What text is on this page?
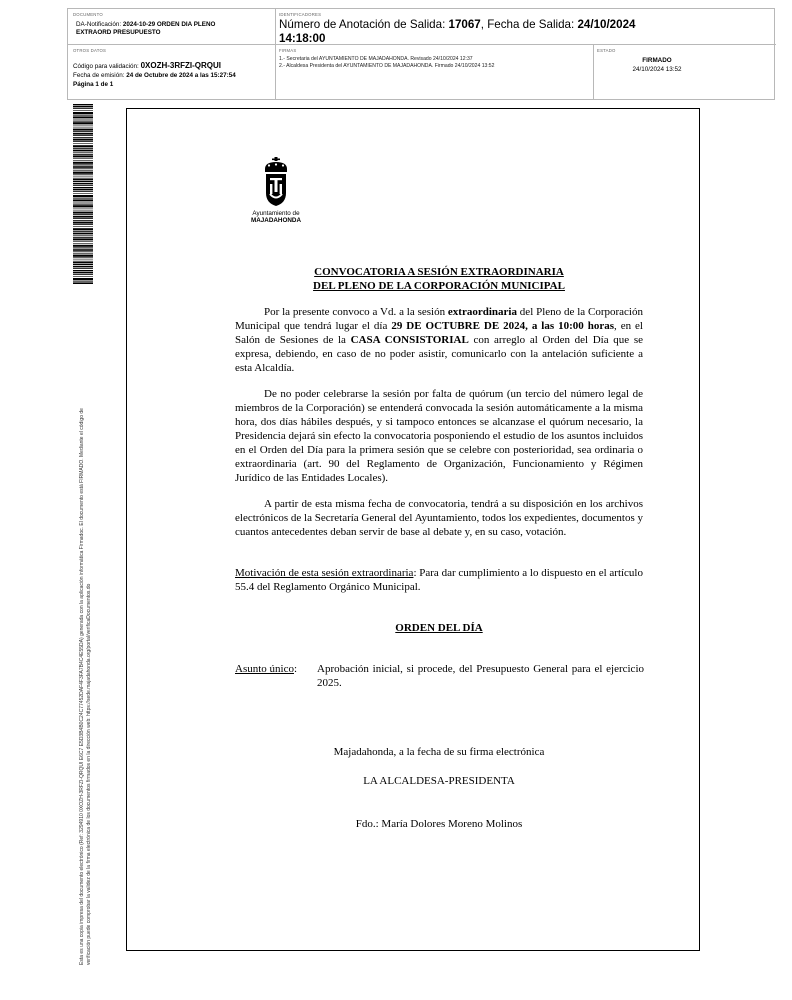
DOCUMENTO
DA-Notificación: 2024-10-29 ORDEN DIA PLENO EXTRAORD PRESUPUESTO
IDENTIFICADORES
Número de Anotación de Salida: 17067, Fecha de Salida: 24/10/2024 14:18:00
OTROS DATOS
Código para validación: 0XOZH-3RFZI-QRQUI
Fecha de emisión: 24 de Octubre de 2024 a las 15:27:54
Página 1 de 1
FIRMAS
1.- Secretaria del AYUNTAMIENTO DE MAJADAHONDA. Revisado 24/10/2024 12:37
2.- Alcaldesa Presidenta del AYUNTAMIENTO DE MAJADAHONDA. Firmado 24/10/2024 13:52
ESTADO
FIRMADO
24/10/2024 13:52
Esta es una copia impresa del documento electrónico (Ref: 3294910 0XOZH-3RFZI-QRQUI E6C7 E5D3B4B0C24C77452DAF4F3FA7B4C4E55DA) generada con la aplicación informática Firmadoc. El documento está FIRMADO. Mediante el código de verificación puede comprobar la validez de la firma electrónica de los documentos firmados en la dirección web: https://sede.majadahonda.org/portal/verificaDocumentos.do
Ayuntamiento de
MAJADAHONDA
CONVOCATORIA A SESIÓN EXTRAORDINARIA
DEL PLENO DE LA CORPORACIÓN MUNICIPAL

Por la presente convoco a Vd. a la sesión extraordinaria del Pleno de la Corporación Municipal que tendrá lugar el día 29 DE OCTUBRE DE 2024, a las 10:00 horas, en el Salón de Sesiones de la CASA CONSISTORIAL con arreglo al Orden del Día que se expresa, debiendo, en caso de no poder asistir, comunicarlo con la antelación suficiente a esta Alcaldía.

De no poder celebrarse la sesión por falta de quórum (un tercio del número legal de miembros de la Corporación) se entenderá convocada la sesión automáticamente a la misma hora, dos días hábiles después, y si tampoco entonces se alcanzase el quórum necesario, la Presidencia dejará sin efecto la convocatoria posponiendo el estudio de los asuntos incluidos en el Orden del Día para la primera sesión que se celebre con posterioridad, sea ordinaria o extraordinaria (art. 90 del Reglamento de Organización, Funcionamiento y Régimen Jurídico de las Entidades Locales).

A partir de esta misma fecha de convocatoria, tendrá a su disposición en los archivos electrónicos de la Secretaría General del Ayuntamiento, todos los expedientes, documentos y cuantos antecedentes deban servir de base al debate y, en su caso, votación.

Motivación de esta sesión extraordinaria: Para dar cumplimiento a lo dispuesto en el artículo 55.4 del Reglamento Orgánico Municipal.

ORDEN DEL DÍA
Asunto único: Aprobación inicial, si procede, del Presupuesto General para el ejercicio 2025.

Majadahonda, a la fecha de su firma electrónica
LA ALCALDESA-PRESIDENTA
Fdo.: María Dolores Moreno Molinos
